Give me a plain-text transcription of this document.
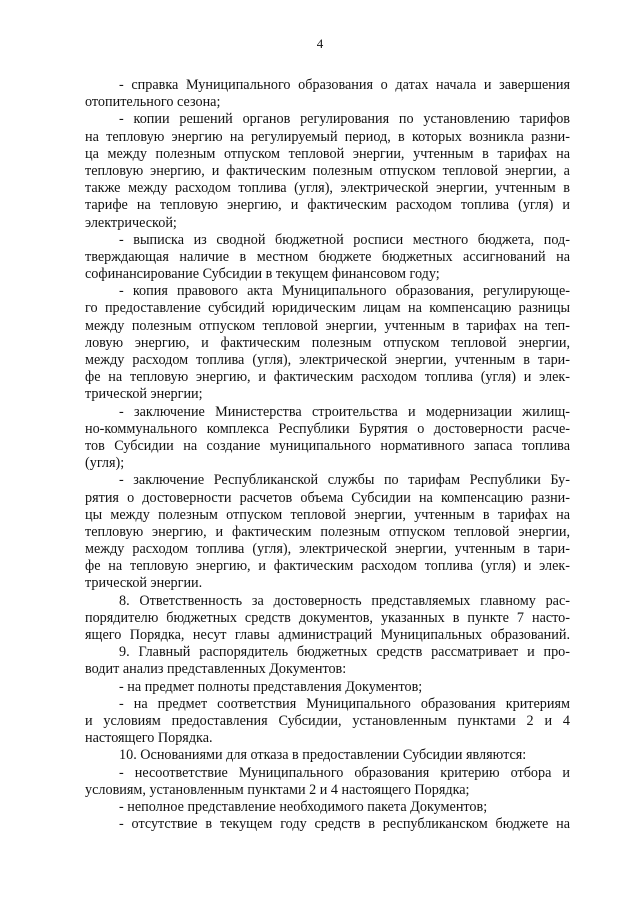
4
- справка Муниципального образования о датах начала и завершения
отопительного сезона;
- копии решений органов регулирования по установлению тарифов
на тепловую энергию на регулируемый период, в которых возникла разни-
ца между полезным отпуском тепловой энергии, учтенным в тарифах на
тепловую энергию, и фактическим полезным отпуском тепловой энергии, а
также между расходом топлива (угля), электрической энергии, учтенным в
тарифе на тепловую энергию, и фактическим расходом топлива (угля) и
электрической;
- выписка из сводной бюджетной росписи местного бюджета, под-
тверждающая наличие в местном бюджете бюджетных ассигнований на
софинансирование Субсидии в текущем финансовом году;
- копия правового акта Муниципального образования, регулирующе-
го предоставление субсидий юридическим лицам на компенсацию разницы
между полезным отпуском тепловой энергии, учтенным в тарифах на теп-
ловую энергию, и фактическим полезным отпуском тепловой энергии,
между расходом топлива (угля), электрической энергии, учтенным в тари-
фе на тепловую энергию, и фактическим расходом топлива (угля) и элек-
трической энергии;
- заключение Министерства строительства и модернизации жилищ-
но-коммунального комплекса Республики Бурятия о достоверности расче-
тов Субсидии на создание муниципального нормативного запаса топлива
(угля);
- заключение Республиканской службы по тарифам Республики Бу-
рятия о достоверности расчетов объема Субсидии на компенсацию разни-
цы между полезным отпуском тепловой энергии, учтенным в тарифах на
тепловую энергию, и фактическим полезным отпуском тепловой энергии,
между расходом топлива (угля), электрической энергии, учтенным в тари-
фе на тепловую энергию, и фактическим расходом топлива (угля) и элек-
трической энергии.
8. Ответственность за достоверность представляемых главному рас-
порядителю бюджетных средств документов, указанных в пункте 7 насто-
ящего Порядка, несут главы администраций Муниципальных образований.
9. Главный распорядитель бюджетных средств рассматривает и про-
водит анализ представленных Документов:
- на предмет полноты представления Документов;
- на предмет соответствия Муниципального образования критериям
и условиям предоставления Субсидии, установленным пунктами 2 и 4
настоящего Порядка.
10. Основаниями для отказа в предоставлении Субсидии являются:
- несоответствие Муниципального образования критерию отбора и
условиям, установленным пунктами 2 и 4 настоящего Порядка;
- неполное представление необходимого пакета Документов;
- отсутствие в текущем году средств в республиканском бюджете на
